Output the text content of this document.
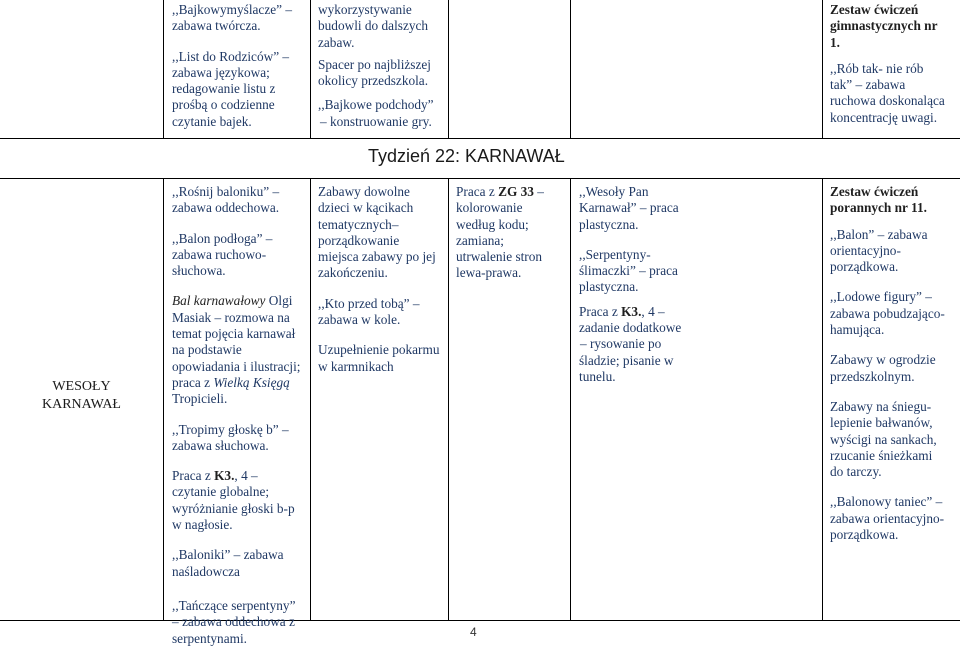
,,Bajkowymyślacze” –
zabawa twórcza.

,,List do Rodziców” –
zabawa językowa;
redagowanie listu z
prośbą o codzienne
czytanie bajek.

wykorzystywanie
budowli do dalszych
zabaw.

Spacer po najbliższej
okolicy przedszkola.

,,Bajkowe podchody”
– konstruowanie gry.

Zestaw ćwiczeń
gimnastycznych nr
1.

,,Rób tak- nie rób
tak” – zabawa
ruchowa doskonaląca
koncentrację uwagi.

Tydzień 22: KARNAWAŁ
WESOŁY
KARNAWAŁ

,,Rośnij baloniku” –
zabawa oddechowa.

,,Balon podłoga” –
zabawa ruchowo-
słuchowa.

Bal karnawałowy Olgi
Masiak – rozmowa na
temat pojęcia karnawał
na podstawie
opowiadania i ilustracji;
praca z Wielką Księgą
Tropicieli.

,,Tropimy głoskę b” –
zabawa słuchowa.

Praca z K3., 4 –
czytanie globalne;
wyróżnianie głoski b-p
w nagłosie.

,,Baloniki” – zabawa
naśladowcza

,,Tańczące serpentyny”
– zabawa oddechowa z
serpentynami.

Zabawy dowolne
dzieci w kącikach
tematycznych–
porządkowanie
miejsca zabawy po jej
zakończeniu.

,,Kto przed tobą” –
zabawa w kole.

Uzupełnienie pokarmu
w karmnikach

Praca z ZG 33 –
kolorowanie
według kodu;
zamiana;
utrwalenie stron
lewa-prawa.

,,Wesoły Pan
Karnawał” – praca
plastyczna.

,,Serpentyny-
ślimaczki” – praca
plastyczna.

Praca z K3., 4 –
zadanie dodatkowe
– rysowanie po
śladzie; pisanie w
tunelu.

Zestaw ćwiczeń
porannych nr 11.

,,Balon” – zabawa
orientacyjno-
porządkowa.

,,Lodowe figury” –
zabawa pobudzająco-
hamująca.

Zabawy w ogrodzie
przedszkolnym.

Zabawy na śniegu-
lepienie bałwanów,
wyścigi na sankach,
rzucanie śnieżkami
do tarczy.

,,Balonowy taniec” –
zabawa orientacyjno-
porządkowa.

4
